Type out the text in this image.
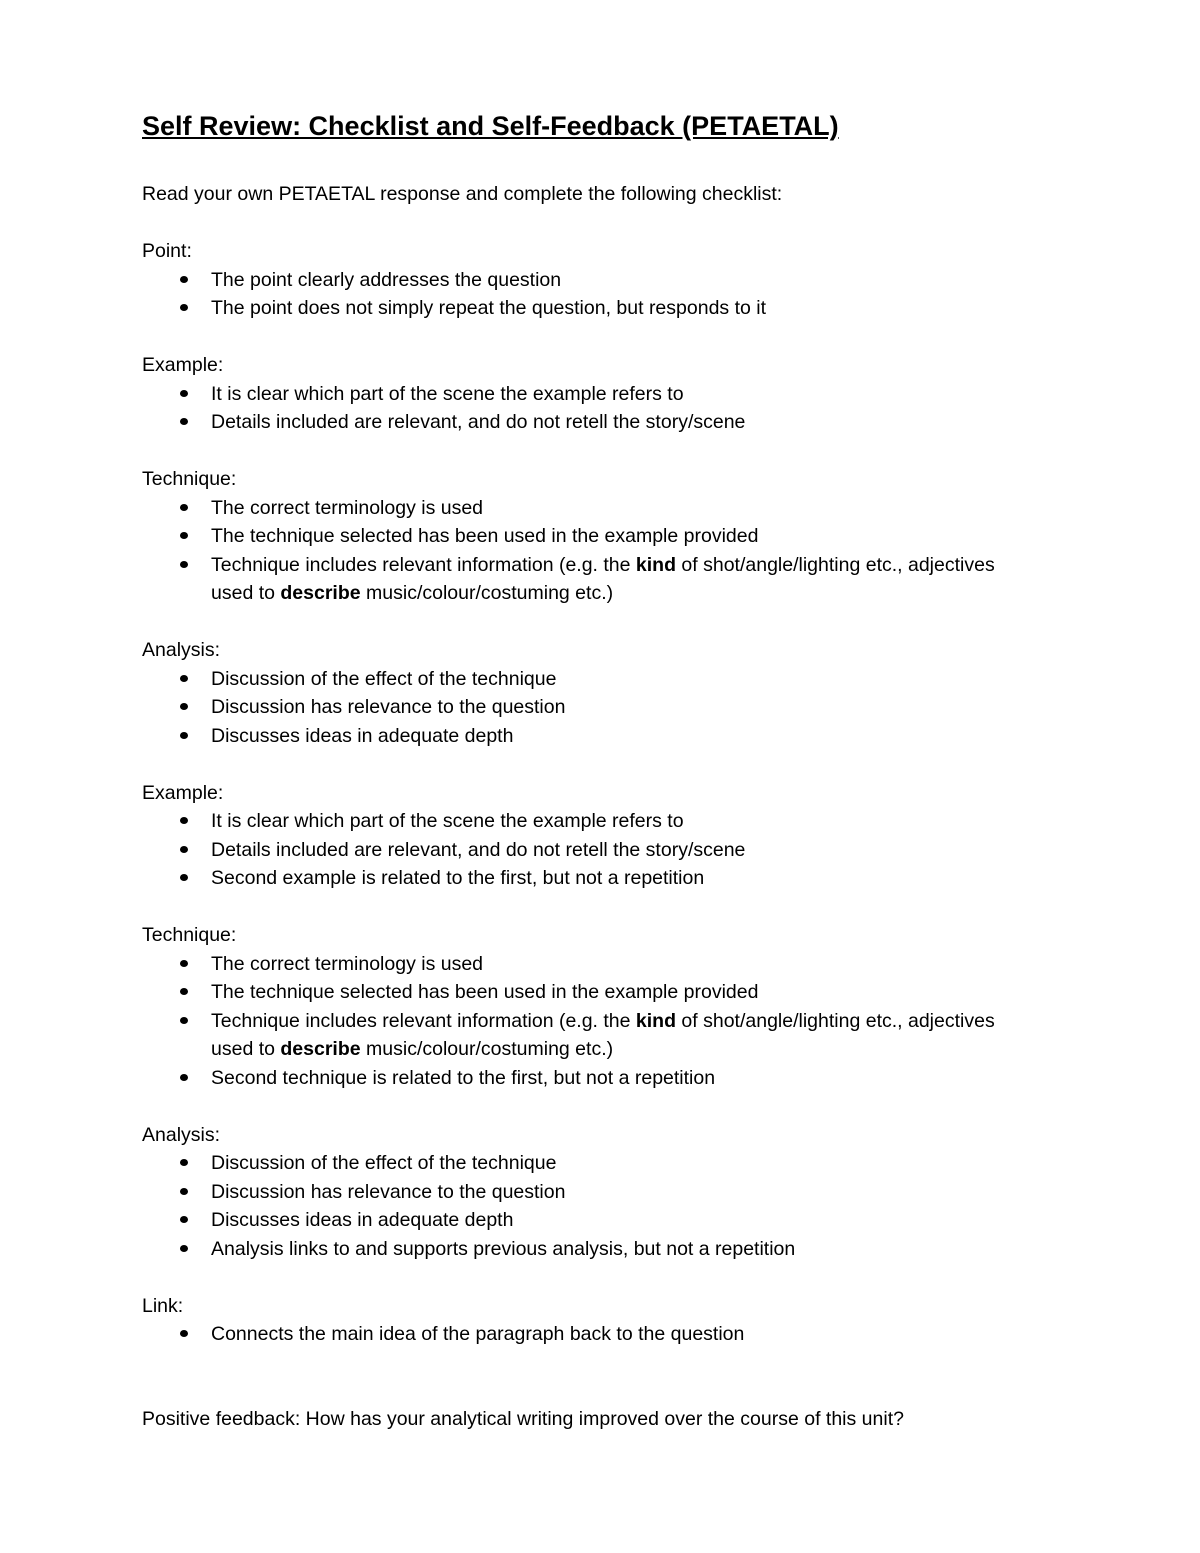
Self Review: Checklist and Self-Feedback (PETAETAL)

Read your own PETAETAL response and complete the following checklist:

Point:

The point clearly addresses the question
The point does not simply repeat the question, but responds to it

Example:

It is clear which part of the scene the example refers to
Details included are relevant, and do not retell the story/scene

Technique:

The correct terminology is used
The technique selected has been used in the example provided
Technique includes relevant information (e.g. the kind of shot/angle/lighting etc., adjectives used to describe music/colour/costuming etc.)

Analysis:

Discussion of the effect of the technique
Discussion has relevance to the question
Discusses ideas in adequate depth

Example:

It is clear which part of the scene the example refers to
Details included are relevant, and do not retell the story/scene
Second example is related to the first, but not a repetition

Technique:

The correct terminology is used
The technique selected has been used in the example provided
Technique includes relevant information (e.g. the kind of shot/angle/lighting etc., adjectives used to describe music/colour/costuming etc.)
Second technique is related to the first, but not a repetition

Analysis:

Discussion of the effect of the technique
Discussion has relevance to the question
Discusses ideas in adequate depth
Analysis links to and supports previous analysis, but not a repetition

Link:

Connects the main idea of the paragraph back to the question

Positive feedback: How has your analytical writing improved over the course of this unit?
